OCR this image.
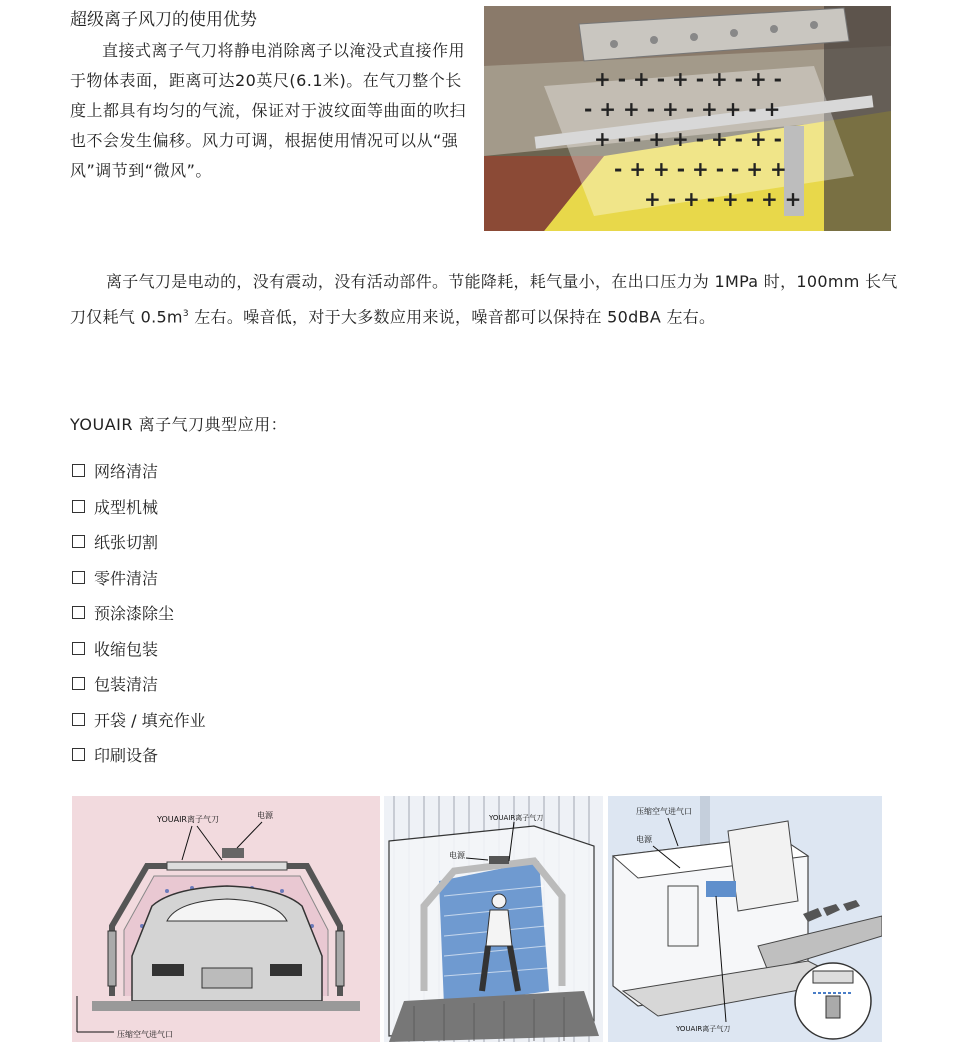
超级离子风刀的使用优势
直接式离子气刀将静电消除离子以淹没式直接作用于物体表面，距离可达20英尺(6.1米)。在气刀整个长度上都具有均匀的气流，保证对于波纹面等曲面的吹扫也不会发生偏移。风力可调，根据使用情况可以从“强风”调节到“微风”。
+ - + - + - + - + -
- + + - + - + + - +
+ - - + + - + - + -
- + + - + - - + +
+ - + - + - + +
离子气刀是电动的，没有震动，没有活动部件。节能降耗，耗气量小，在出口压力为 1MPa 时，100mm 长气刀仅耗气 $0.5m^3$ 左右。噪音低，对于大多数应用来说，噪音都可以保持在 50dBA 左右。
YOUAIR 离子气刀典型应用：
网络清洁
成型机械
纸张切割
零件清洁
预涂漆除尘
收缩包装
包装清洁
开袋 / 填充作业
印刷设备
YOUAIR离子气刀	电源
压缩空气进气口
YOUAIR离子气刀
电源
压缩空气进气口
电源
YOUAIR离子气刀
